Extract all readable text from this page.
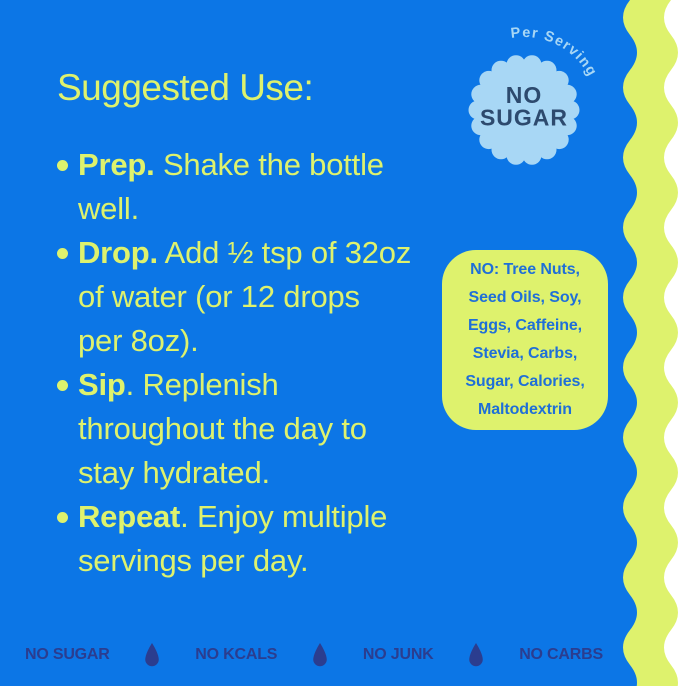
NO
SUGAR
Per Serving
Suggested Use:

Prep. Shake the bottle

well.

Drop. Add ½ tsp of 32oz

of water (or 12 drops

per 8oz).

Sip. Replenish

throughout the day to

stay hydrated.

Repeat. Enjoy multiple

servings per day.

NO: Tree Nuts,
Seed Oils, Soy,
Eggs, Caffeine,
Stevia, Carbs,
Sugar, Calories,
Maltodextrin
NO SUGAR	NO KCALS	NO JUNK	NO CARBS
